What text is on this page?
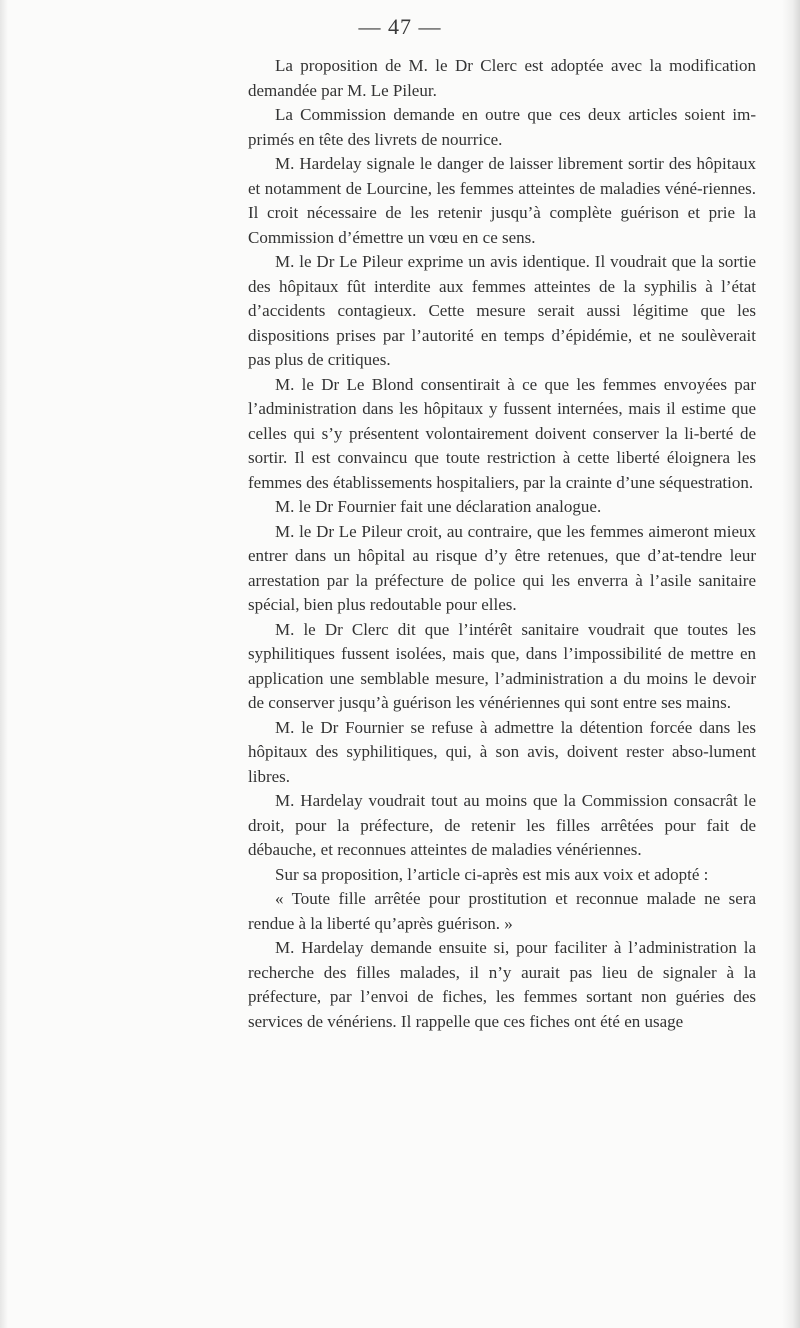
— 47 —

La proposition de M. le Dr Clerc est adoptée avec la modification demandée par M. Le Pileur.

La Commission demande en outre que ces deux articles soient im-primés en tête des livrets de nourrice.

M. Hardelay signale le danger de laisser librement sortir des hôpitaux et notamment de Lourcine, les femmes atteintes de maladies véné-riennes. Il croit nécessaire de les retenir jusqu’à complète guérison et prie la Commission d’émettre un vœu en ce sens.

M. le Dr Le Pileur exprime un avis identique. Il voudrait que la sortie des hôpitaux fût interdite aux femmes atteintes de la syphilis à l’état d’accidents contagieux. Cette mesure serait aussi légitime que les dispositions prises par l’autorité en temps d’épidémie, et ne soulèverait pas plus de critiques.

M. le Dr Le Blond consentirait à ce que les femmes envoyées par l’administration dans les hôpitaux y fussent internées, mais il estime que celles qui s’y présentent volontairement doivent conserver la li-berté de sortir. Il est convaincu que toute restriction à cette liberté éloignera les femmes des établissements hospitaliers, par la crainte d’une séquestration.

M. le Dr Fournier fait une déclaration analogue.

M. le Dr Le Pileur croit, au contraire, que les femmes aimeront mieux entrer dans un hôpital au risque d’y être retenues, que d’at-tendre leur arrestation par la préfecture de police qui les enverra à l’asile sanitaire spécial, bien plus redoutable pour elles.

M. le Dr Clerc dit que l’intérêt sanitaire voudrait que toutes les syphilitiques fussent isolées, mais que, dans l’impossibilité de mettre en application une semblable mesure, l’administration a du moins le devoir de conserver jusqu’à guérison les vénériennes qui sont entre ses mains.

M. le Dr Fournier se refuse à admettre la détention forcée dans les hôpitaux des syphilitiques, qui, à son avis, doivent rester abso-lument libres.

M. Hardelay voudrait tout au moins que la Commission consacrât le droit, pour la préfecture, de retenir les filles arrêtées pour fait de débauche, et reconnues atteintes de maladies vénériennes.

Sur sa proposition, l’article ci-après est mis aux voix et adopté :

« Toute fille arrêtée pour prostitution et reconnue malade ne sera rendue à la liberté qu’après guérison. »

M. Hardelay demande ensuite si, pour faciliter à l’administration la recherche des filles malades, il n’y aurait pas lieu de signaler à la préfecture, par l’envoi de fiches, les femmes sortant non guéries des services de vénériens. Il rappelle que ces fiches ont été en usage
